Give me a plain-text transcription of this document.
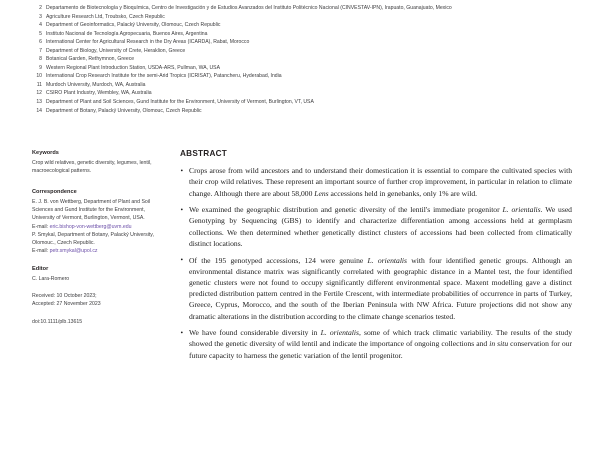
2 Departamento de Biotecnología y Bioquímica, Centro de Investigación y de Estudios Avanzados del Instituto Politécnico Nacional (CINVESTAV-IPN), Irapuato, Guanajuato, Mexico
3 Agriculture Research Ltd, Troubsko, Czech Republic
4 Department of Geoinformatics, Palacký University, Olomouc, Czech Republic
5 Instituto Nacional de Tecnología Agropecuaria, Buenos Aires, Argentina
6 International Center for Agricultural Research in the Dry Areas (ICARDA), Rabat, Morocco
7 Department of Biology, University of Crete, Heraklion, Greece
8 Botanical Garden, Rethymnon, Greece
9 Western Regional Plant Introduction Station, USDA-ARS, Pullman, WA, USA
10 International Crop Research Institute for the semi-Arid Tropics (ICRISAT), Patancheru, Hyderabad, India
11 Murdoch University, Murdoch, WA, Australia
12 CSIRO Plant Industry, Wembley, WA, Australia
13 Department of Plant and Soil Sciences, Gund Institute for the Environment, University of Vermont, Burlington, VT, USA
14 Department of Botany, Palacký University, Olomouc, Czech Republic
Keywords
Crop wild relatives, genetic diversity, legumes, lentil, macroecological patterns.
Correspondence
E. J. B. von Wettberg, Department of Plant and Soil Sciences and Gund Institute for the Environment, University of Vermont, Burlington, Vermont, USA.
E-mail: eric.bishop-von-wettberg@uvm.edu
P. Smykal, Department of Botany, Palacký University, Olomouc., Czech Republic.
E-mail: petr.smykal@upol.cz
Editor
C. Lara-Romero
Received: 10 October 2023;
Accepted: 27 November 2023
doi:10.1111/plb.13615
ABSTRACT
• Crops arose from wild ancestors and to understand their domestication it is essential to compare the cultivated species with their crop wild relatives. These represent an important source of further crop improvement, in particular in relation to climate change. Although there are about 58,000 Lens accessions held in genebanks, only 1% are wild.
• We examined the geographic distribution and genetic diversity of the lentil's immediate progenitor L. orientalis. We used Genotyping by Sequencing (GBS) to identify and characterize differentiation among accessions held at germplasm collections. We then determined whether genetically distinct clusters of accessions had been collected from climatically distinct locations.
• Of the 195 genotyped accessions, 124 were genuine L. orientalis with four identified genetic groups. Although an environmental distance matrix was significantly correlated with geographic distance in a Mantel test, the four identified genetic clusters were not found to occupy significantly different environmental space. Maxent modelling gave a distinct predicted distribution pattern centred in the Fertile Crescent, with intermediate probabilities of occurrence in parts of Turkey, Greece, Cyprus, Morocco, and the south of the Iberian Peninsula with NW Africa. Future projections did not show any dramatic alterations in the distribution according to the climate change scenarios tested.
• We have found considerable diversity in L. orientalis, some of which track climatic variability. The results of the study showed the genetic diversity of wild lentil and indicate the importance of ongoing collections and in situ conservation for our future capacity to harness the genetic variation of the lentil progenitor.
